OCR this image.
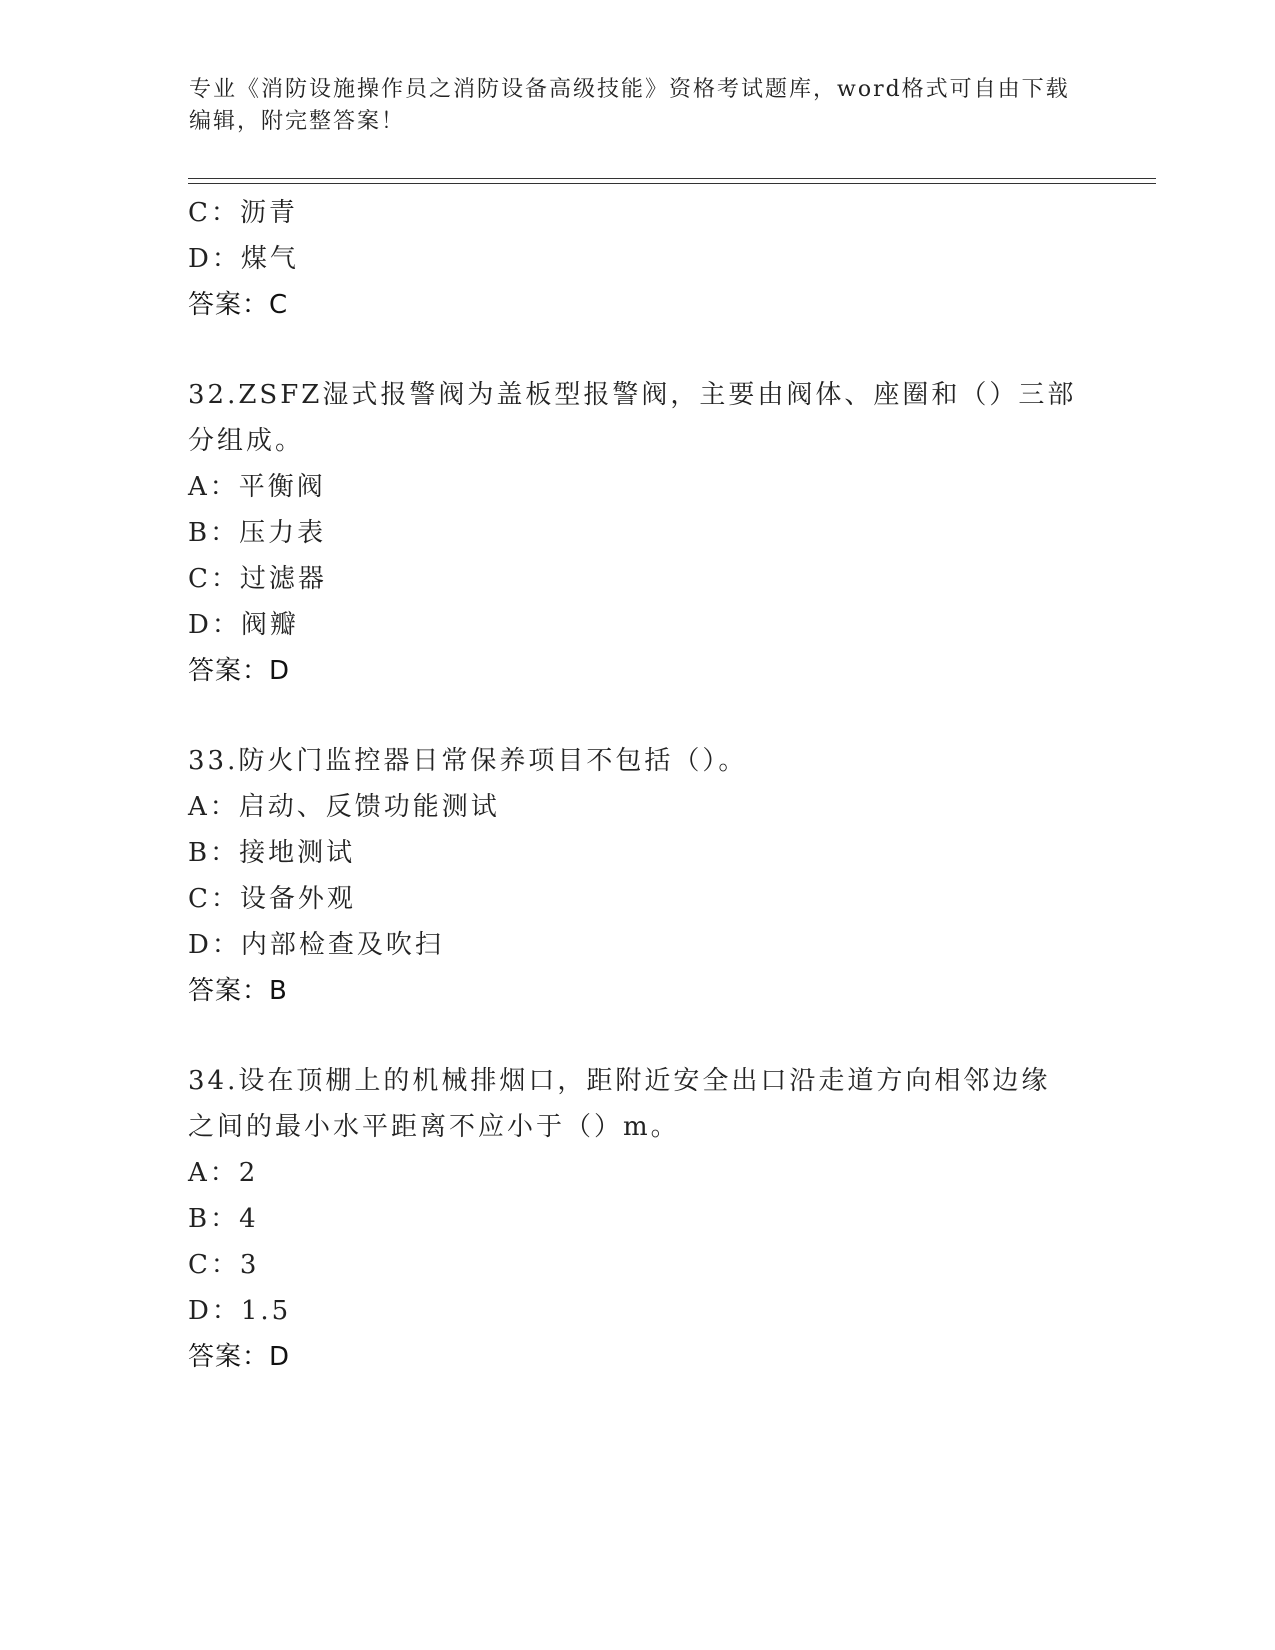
专业《消防设施操作员之消防设备高级技能》资格考试题库，word格式可自由下载编辑，附完整答案！
C：沥青
D：煤气
答案：C
32.ZSFZ湿式报警阀为盖板型报警阀，主要由阀体、座圈和（）三部分组成。
A：平衡阀
B：压力表
C：过滤器
D：阀瓣
答案：D
33.防火门监控器日常保养项目不包括（）。
A：启动、反馈功能测试
B：接地测试
C：设备外观
D：内部检查及吹扫
答案：B
34.设在顶棚上的机械排烟口，距附近安全出口沿走道方向相邻边缘之间的最小水平距离不应小于（）m。
A：2
B：4
C：3
D：1.5
答案：D
